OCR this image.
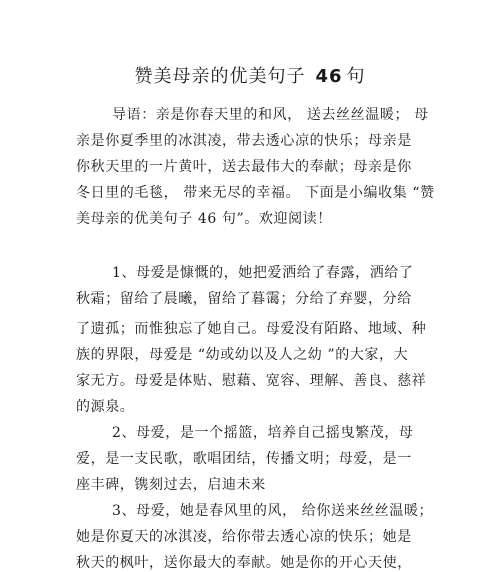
赞美母亲的优美句子 46 句
导语：亲是你春天里的和风， 送去丝丝温暖； 母
亲是你夏季里的冰淇凌，带去透心凉的快乐；母亲是
你秋天里的一片黄叶，送去最伟大的奉献；母亲是你
冬日里的毛毯， 带来无尽的幸福。 下面是小编收集 “赞
美母亲的优美句子 46 句”。欢迎阅读！
1、母爱是慷慨的，她把爱洒给了春露，洒给了
秋霜；留给了晨曦，留给了暮霭；分给了弃婴，分给
了遗孤；而惟独忘了她自己。母爱没有陌路、地域、种
族的界限，母爱是 “幼或幼以及人之幼 ”的大家，大
家无方。母爱是体贴、慰藉、宽容、理解、善良、慈祥
的源泉。
2、母爱，是一个摇篮，培养自己摇曳繁茂，母
爱，是一支民歌，歌唱团结，传播文明；母爱，是一
座丰碑，镌刻过去，启迪未来
3、母爱，她是春风里的风， 给你送来丝丝温暖；
她是你夏天的冰淇凌，给你带去透心凉的快乐；她是
秋天的枫叶，送你最大的奉献。她是你的开心天使，
